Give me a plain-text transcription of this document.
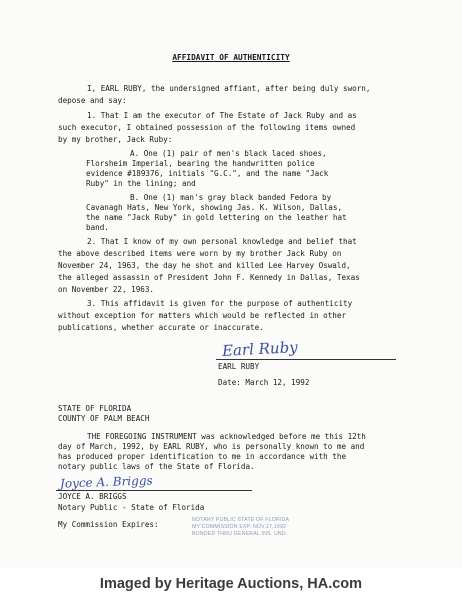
AFFIDAVIT OF AUTHENTICITY
I, EARL RUBY, the undersigned affiant, after being duly sworn,
depose and say:
1. That I am the executor of The Estate of Jack Ruby and as
such executor, I obtained possession of the following items owned
by my brother, Jack Ruby:
A. One (1) pair of men's black laced shoes,
Florsheim Imperial, bearing the handwritten police
evidence #189376, initials "G.C.", and the name "Jack
Ruby" in the lining; and
B. One (1) man's gray black banded Fedora by
Cavanagh Hats, New York, showing Jas. K. Wilson, Dallas,
the name "Jack Ruby" in gold lettering on the leather hat
band.
2. That I know of my own personal knowledge and belief that
the above described items were worn by my brother Jack Ruby on
November 24, 1963, the day he shot and killed Lee Harvey Oswald,
the alleged assassin of President John F. Kennedy in Dallas, Texas
on November 22, 1963.
3. This affidavit is given for the purpose of authenticity
without exception for matters which would be reflected in other
publications, whether accurate or inaccurate.
Earl Ruby
EARL RUBY
Date: March 12, 1992
STATE OF FLORIDA
COUNTY OF PALM BEACH
THE FOREGOING INSTRUMENT was acknowledged before me this 12th
day of March, 1992, by EARL RUBY, who is personally known to me and
has produced proper identification to me in accordance with the
notary public laws of the State of Florida.
Joyce A. Briggs
JOYCE A. BRIGGS
Notary Public - State of Florida
My Commission Expires:	NOTARY PUBLIC STATE OF FLORIDA
MY COMMISSION EXP. NOV.17,1992
BONDED THRU GENERAL INS. UND.
Imaged by Heritage Auctions, HA.com
